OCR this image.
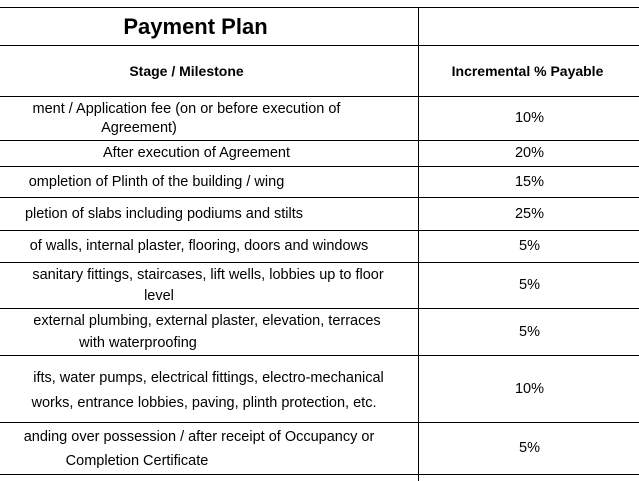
Payment Plan
Stage / Milestone	Incremental % Payable
ment / Application fee (on or before execution of
Agreement)
10%
After execution of Agreement	20%
ompletion of Plinth of the building / wing	15%
pletion of slabs including podiums and stilts	25%
of walls, internal plaster, flooring, doors and windows	5%
sanitary fittings, staircases, lift wells, lobbies up to floor
level
5%
external plumbing, external plaster, elevation, terraces
with waterproofing
5%
ifts, water pumps, electrical fittings, electro-mechanical
works, entrance lobbies, paving, plinth protection, etc.
10%
anding over possession / after receipt of Occupancy or
Completion Certificate
5%
